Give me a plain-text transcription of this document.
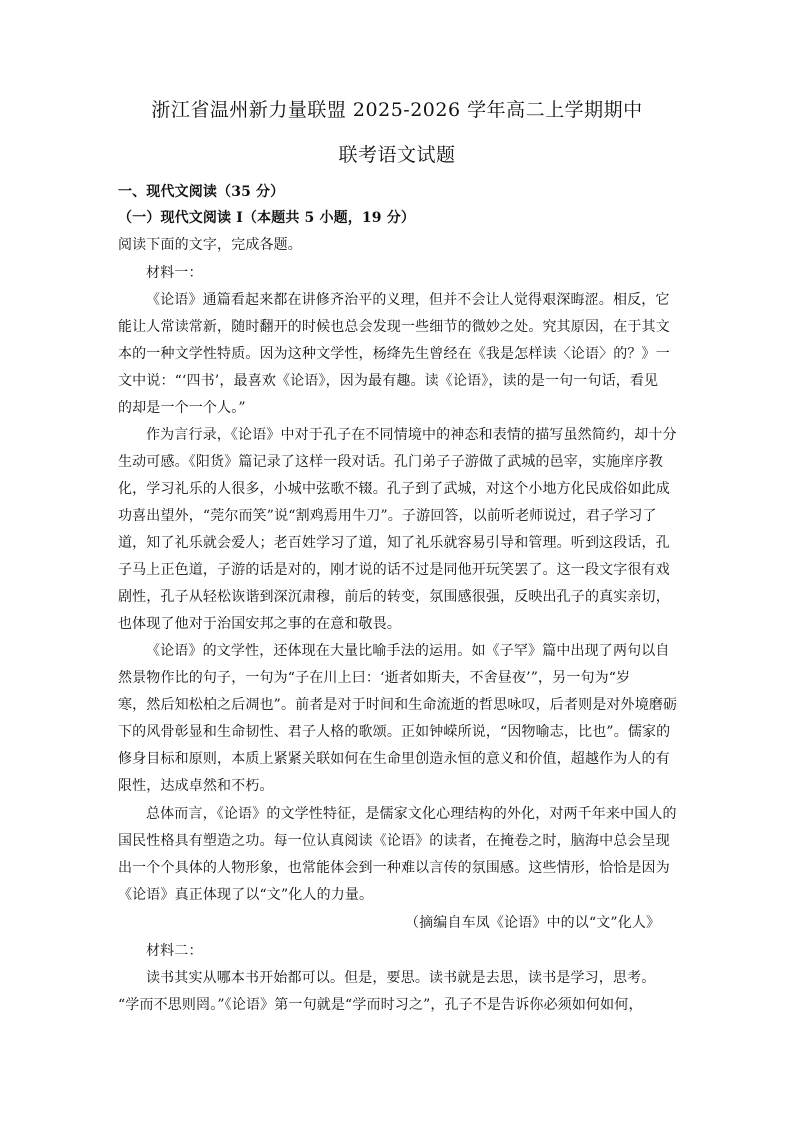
浙江省温州新力量联盟 2025-2026 学年高二上学期期中
联考语文试题
一、现代文阅读（35 分）
（一）现代文阅读 I（本题共 5 小题，19 分）
阅读下面的文字，完成各题。
材料一：
《论语》通篇看起来都在讲修齐治平的义理，但并不会让人觉得艰深晦涩。相反，它
能让人常读常新，随时翻开的时候也总会发现一些细节的微妙之处。究其原因，在于其文
本的一种文学性特质。因为这种文学性，杨绛先生曾经在《我是怎样读〈论语〉的？》一
文中说：“‘四书’，最喜欢《论语》，因为最有趣。读《论语》，读的是一句一句话，看见
的却是一个一个人。”
作为言行录，《论语》中对于孔子在不同情境中的神态和表情的描写虽然简约，却十分
生动可感。《阳货》篇记录了这样一段对话。孔门弟子子游做了武城的邑宰，实施庠序教
化，学习礼乐的人很多，小城中弦歌不辍。孔子到了武城，对这个小地方化民成俗如此成
功喜出望外，“莞尔而笑”说“割鸡焉用牛刀”。子游回答，以前听老师说过，君子学习了
道，知了礼乐就会爱人；老百姓学习了道，知了礼乐就容易引导和管理。听到这段话，孔
子马上正色道，子游的话是对的，刚才说的话不过是同他开玩笑罢了。这一段文字很有戏
剧性，孔子从轻松诙谐到深沉肃穆，前后的转变，氛围感很强，反映出孔子的真实亲切，
也体现了他对于治国安邦之事的在意和敬畏。
《论语》的文学性，还体现在大量比喻手法的运用。如《子罕》篇中出现了两句以自
然景物作比的句子，一句为“子在川上曰：‘逝者如斯夫，不舍昼夜’”，另一句为“岁
寒，然后知松柏之后凋也”。前者是对于时间和生命流逝的哲思咏叹，后者则是对外境磨砺
下的风骨彰显和生命韧性、君子人格的歌颂。正如钟嵘所说，“因物喻志，比也”。儒家的
修身目标和原则，本质上紧紧关联如何在生命里创造永恒的意义和价值，超越作为人的有
限性，达成卓然和不朽。
总体而言，《论语》的文学性特征，是儒家文化心理结构的外化，对两千年来中国人的
国民性格具有塑造之功。每一位认真阅读《论语》的读者，在掩卷之时，脑海中总会呈现
出一个个具体的人物形象，也常能体会到一种难以言传的氛围感。这些情形，恰恰是因为
《论语》真正体现了以“文”化人的力量。
（摘编自车凤《论语》中的以“文”化人》
材料二：
读书其实从哪本书开始都可以。但是，要思。读书就是去思，读书是学习，思考。
“学而不思则罔。”《论语》第一句就是“学而时习之”，孔子不是告诉你必须如何如何，
